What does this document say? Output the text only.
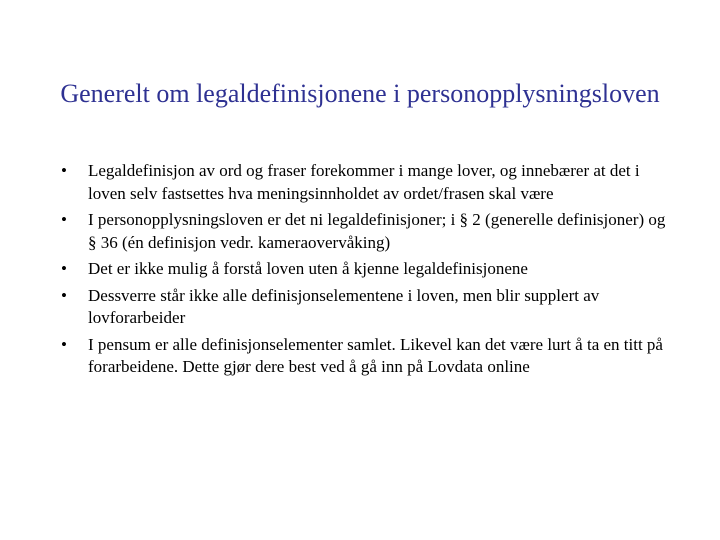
Generelt om legaldefinisjonene i personopplysningsloven
• Legaldefinisjon av ord og fraser forekommer i mange lover, og innebærer at det i loven selv fastsettes hva meningsinnholdet av ordet/frasen skal være
• I personopplysningsloven er det ni legaldefinisjoner; i § 2 (generelle definisjoner) og § 36 (én definisjon vedr. kameraovervåking)
• Det er ikke mulig å forstå loven uten å kjenne legaldefinisjonene
• Dessverre står ikke alle definisjonselementene i loven, men blir supplert av lovforarbeider
• I pensum er alle definisjonselementer samlet. Likevel kan det være lurt å ta en titt på forarbeidene. Dette gjør dere best ved å gå inn på Lovdata online
